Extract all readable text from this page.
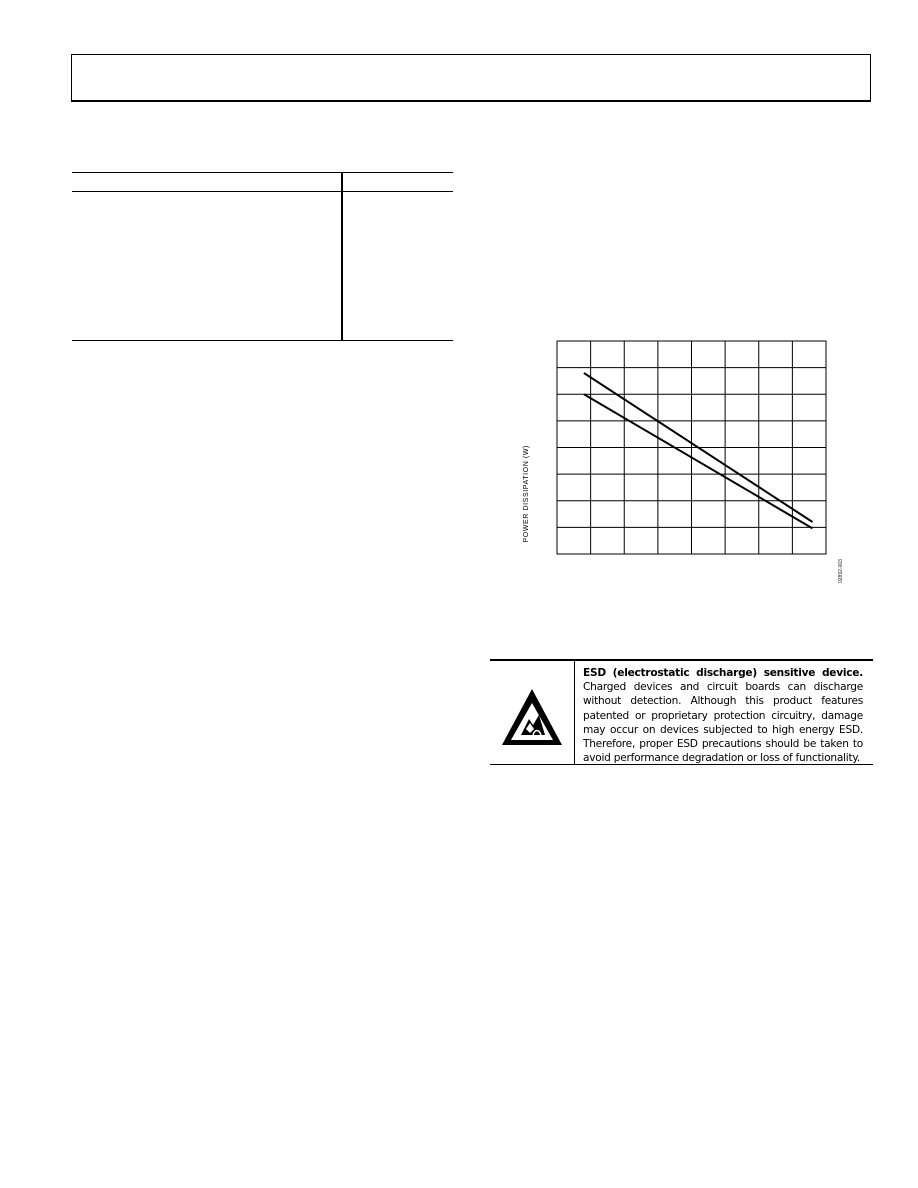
POWER DISSIPATION (W)
02892-003
ESD (electrostatic discharge) sensitive device. Charged devices and circuit boards can discharge without detection. Although this product features patented or proprietary protection circuitry, damage may occur on devices subjected to high energy ESD. Therefore, proper ESD precautions should be taken to avoid performance degradation or loss of functionality.
